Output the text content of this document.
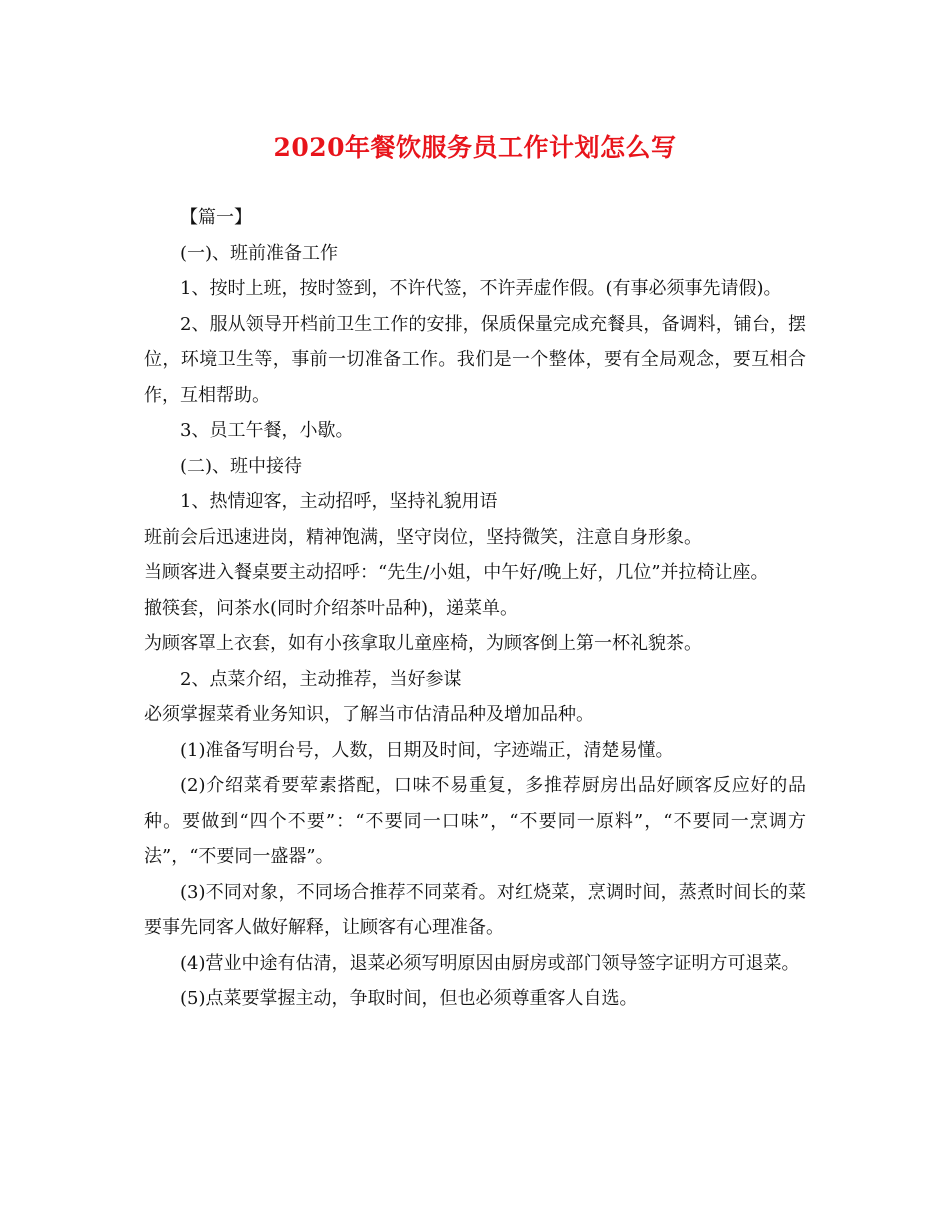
2020年餐饮服务员工作计划怎么写

【篇一】

(一)、班前准备工作

1、按时上班，按时签到，不许代签，不许弄虚作假。(有事必须事先请假)。

2、服从领导开档前卫生工作的安排，保质保量完成充餐具，备调料，铺台，摆位，环境卫生等，事前一切准备工作。我们是一个整体，要有全局观念，要互相合作，互相帮助。

3、员工午餐，小歇。

(二)、班中接待

1、热情迎客，主动招呼，坚持礼貌用语

班前会后迅速进岗，精神饱满，坚守岗位，坚持微笑，注意自身形象。

当顾客进入餐桌要主动招呼：“先生/小姐，中午好/晚上好，几位”并拉椅让座。

撤筷套，问茶水(同时介绍茶叶品种)，递菜单。

为顾客罩上衣套，如有小孩拿取儿童座椅，为顾客倒上第一杯礼貌茶。

2、点菜介绍，主动推荐，当好参谋

必须掌握菜肴业务知识，了解当市估清品种及增加品种。

(1)准备写明台号，人数，日期及时间，字迹端正，清楚易懂。

(2)介绍菜肴要荤素搭配，口味不易重复，多推荐厨房出品好顾客反应好的品种。要做到“四个不要”：“不要同一口味”，“不要同一原料”，“不要同一烹调方法”，“不要同一盛器”。

(3)不同对象，不同场合推荐不同菜肴。对红烧菜，烹调时间，蒸煮时间长的菜要事先同客人做好解释，让顾客有心理准备。

(4)营业中途有估清，退菜必须写明原因由厨房或部门领导签字证明方可退菜。

(5)点菜要掌握主动，争取时间，但也必须尊重客人自选。
